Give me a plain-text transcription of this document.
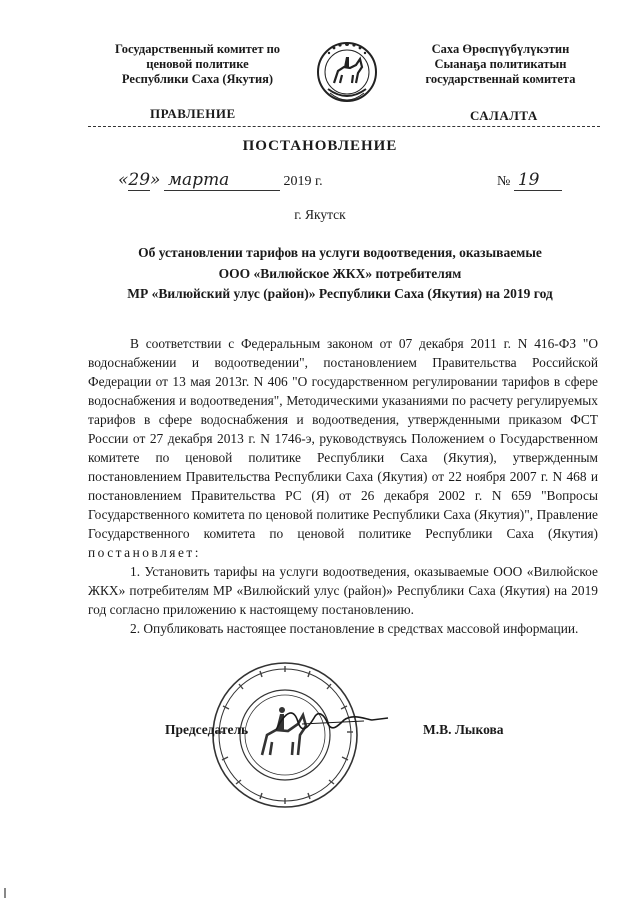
Государственный комитет по
ценовой политике
Республики Саха (Якутия)
Саха Өрөспүүбүлүкэтин
Сыанаҕа политикатын
государственнай комитета
ПРАВЛЕНИЕ	САЛАЛТА
ПОСТАНОВЛЕНИЕ
«29» марта	2019 г.	№ 19
г. Якутск
Об установлении тарифов на услуги водоотведения, оказываемые
ООО «Вилюйское ЖКХ» потребителям
МР «Вилюйский улус (район)» Республики Саха (Якутия) на 2019 год

В соответствии с Федеральным законом от 07 декабря 2011 г. N 416-ФЗ "О водоснабжении и водоотведении", постановлением Правительства Российской Федерации от 13 мая 2013г. N 406 "О государственном регулировании тарифов в сфере водоснабжения и водоотведения", Методическими указаниями по расчету регулируемых тарифов в сфере водоснабжения и водоотведения, утвержденными приказом ФСТ России от 27 декабря 2013 г. N 1746-э, руководствуясь Положением о Государственном комитете по ценовой политике Республики Саха (Якутия), утвержденным постановлением Правительства Республики Саха (Якутия) от 22 ноября 2007 г. N 468 и постановлением Правительства РС (Я) от 26 декабря 2002 г. N 659 "Вопросы Государственного комитета по ценовой политике Республики Саха (Якутия)", Правление Государственного комитета по ценовой политике Республики Саха (Якутия) постановляет:

1. Установить тарифы на услуги водоотведения, оказываемые ООО «Вилюйское ЖКХ» потребителям МР «Вилюйский улус (район)» Республики Саха (Якутия) на 2019 год согласно приложению к настоящему постановлению.

2. Опубликовать настоящее постановление в средствах массовой информации.

Председатель	М.В. Лыкова
